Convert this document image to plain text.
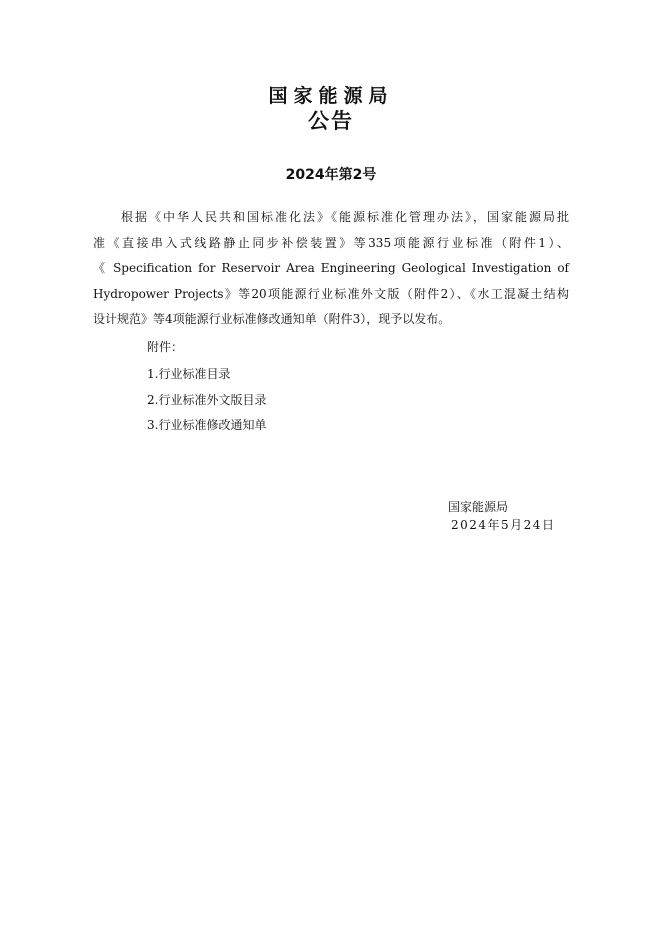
国家能源局
公告
2024年第2号
根据《中华人民共和国标准化法》《能源标准化管理办法》，国家能源局批
准《直接串入式线路静止同步补偿装置》等335项能源行业标准（附件1）、
《 Specification for Reservoir Area Engineering Geological Investigation of
Hydropower Projects》等20项能源行业标准外文版（附件2）、《水工混凝土结构
设计规范》等4项能源行业标准修改通知单（附件3），现予以发布。
附件：
1.行业标准目录
2.行业标准外文版目录
3.行业标准修改通知单
国家能源局
2024年5月24日
